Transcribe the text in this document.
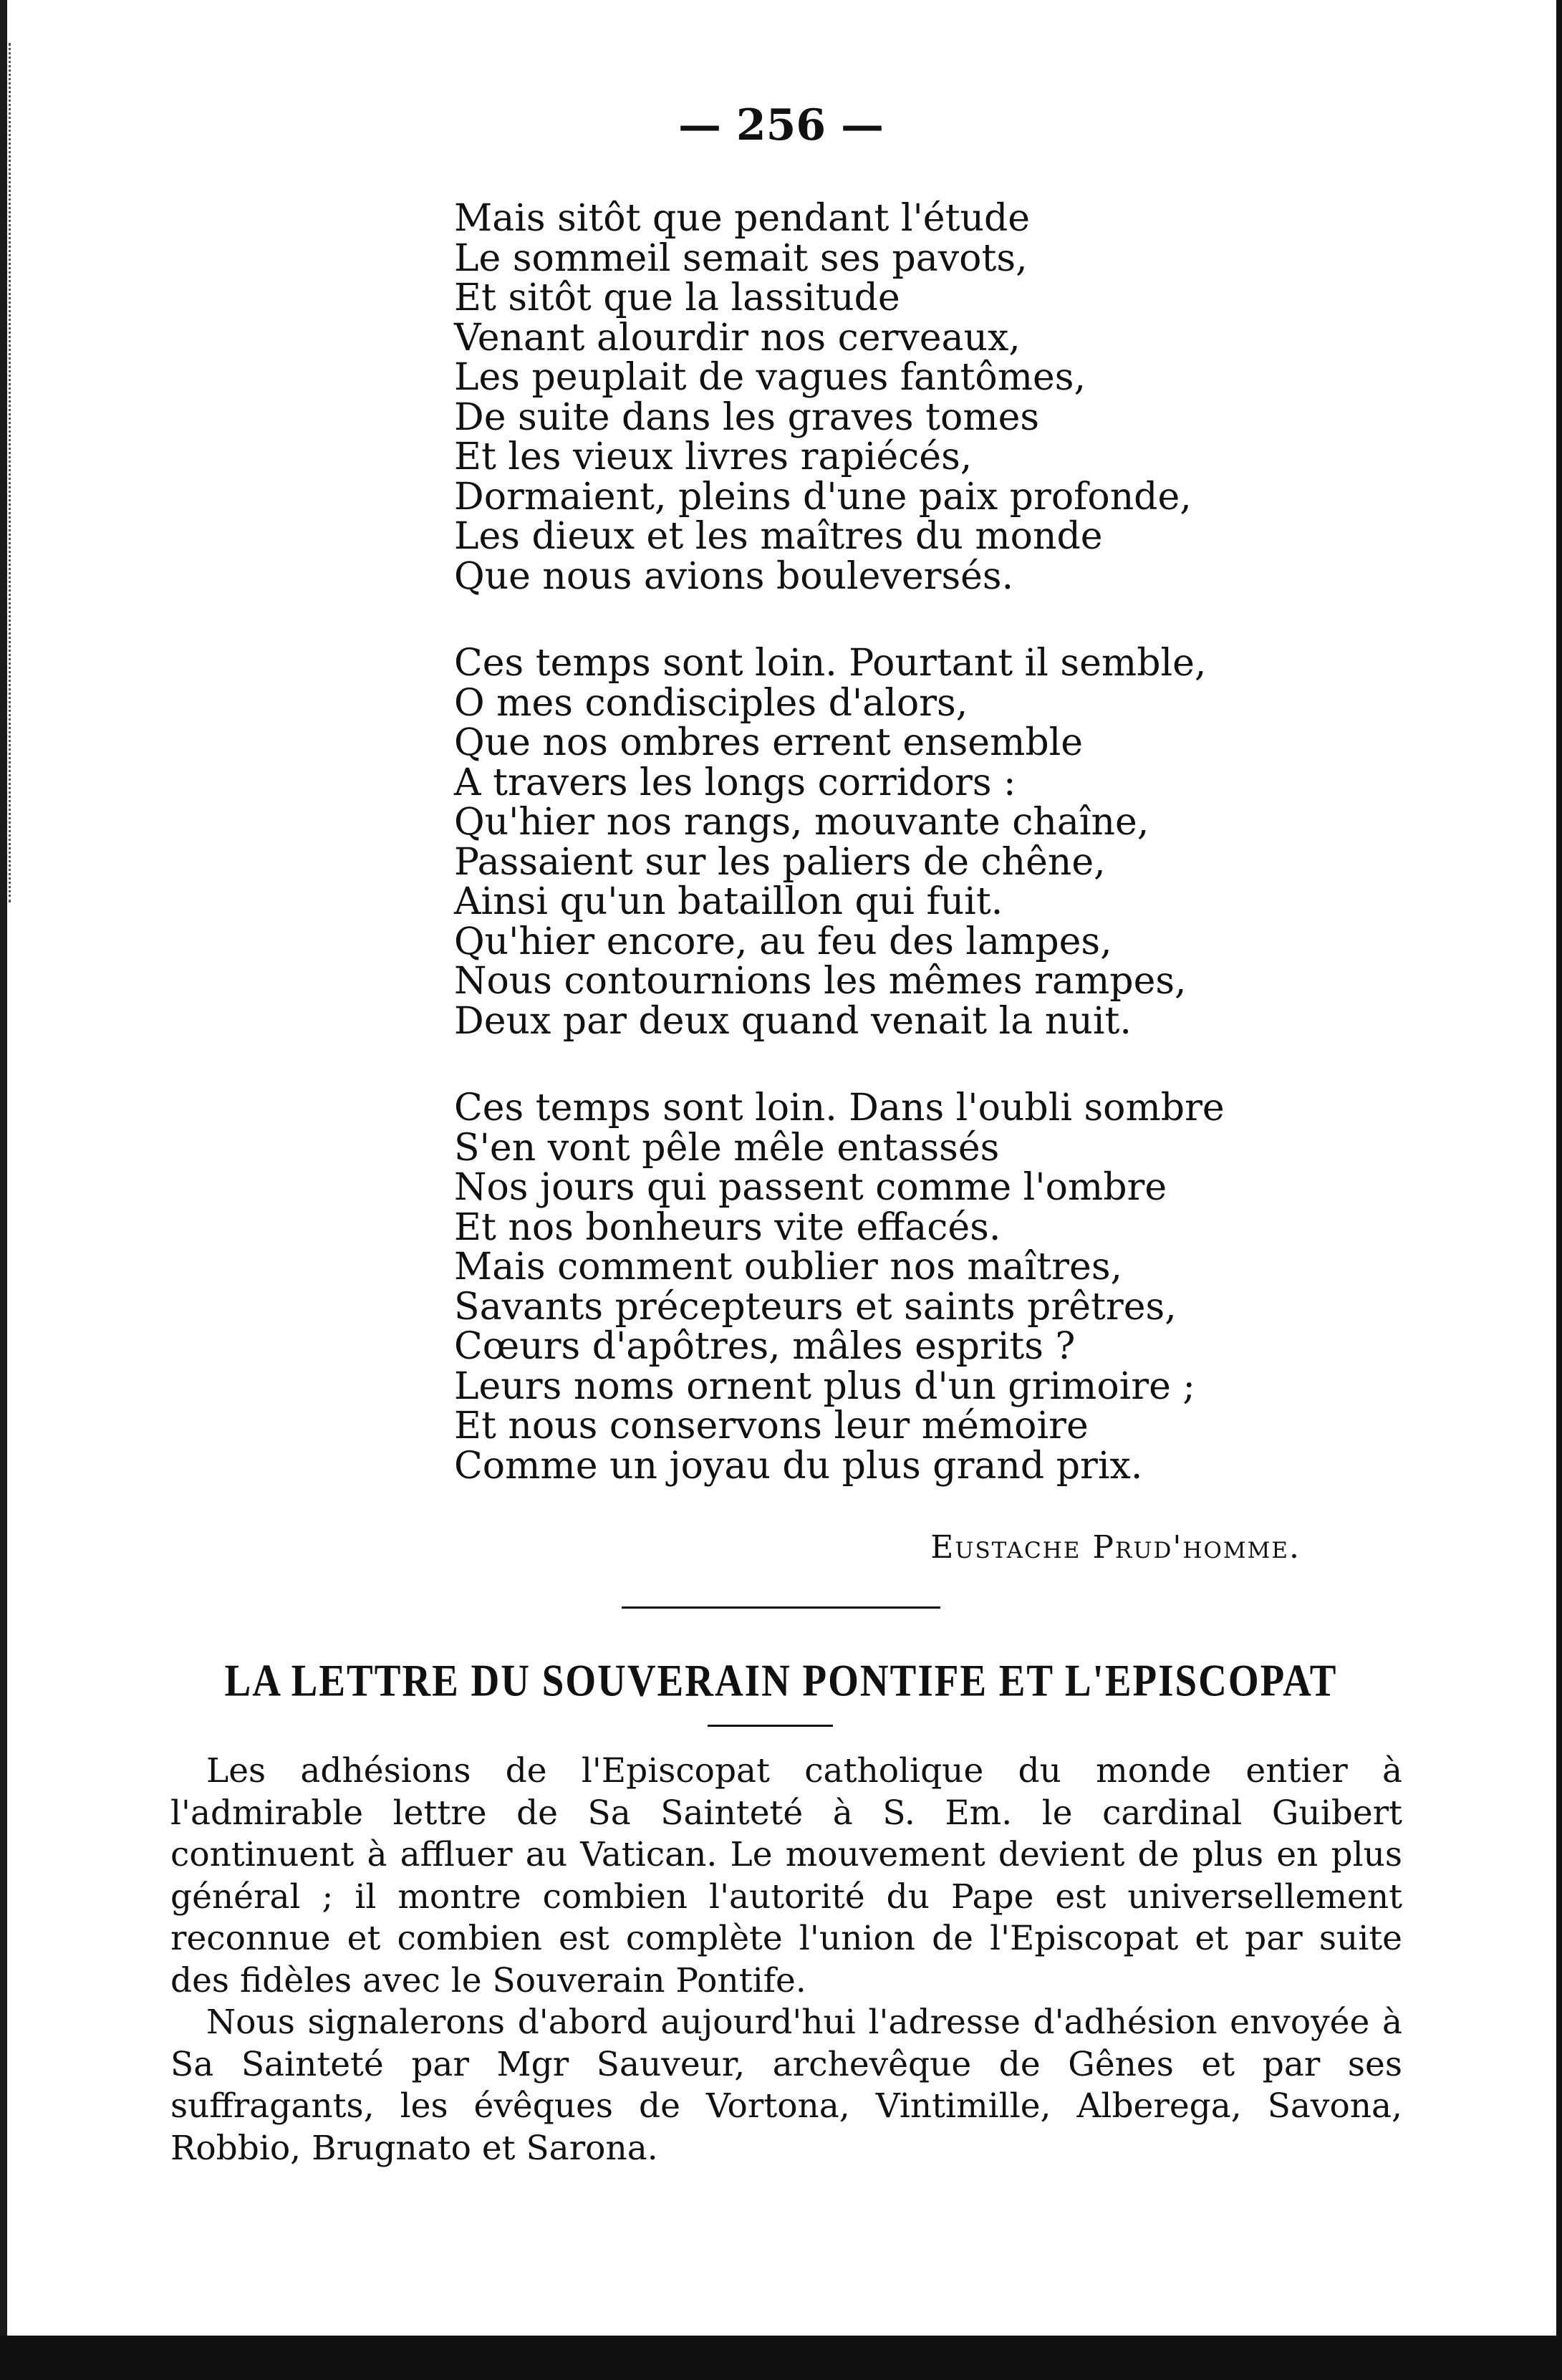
— 256 —
Mais sitôt que pendant l'étude
Le sommeil semait ses pavots,
Et sitôt que la lassitude
Venant alourdir nos cerveaux,
Les peuplait de vagues fantômes,
De suite dans les graves tomes
Et les vieux livres rapiécés,
Dormaient, pleins d'une paix profonde,
Les dieux et les maîtres du monde
Que nous avions bouleversés.
Ces temps sont loin. Pourtant il semble,
O mes condisciples d'alors,
Que nos ombres errent ensemble
A travers les longs corridors :
Qu'hier nos rangs, mouvante chaîne,
Passaient sur les paliers de chêne,
Ainsi qu'un bataillon qui fuit.
Qu'hier encore, au feu des lampes,
Nous contournions les mêmes rampes,
Deux par deux quand venait la nuit.
Ces temps sont loin. Dans l'oubli sombre
S'en vont pêle mêle entassés
Nos jours qui passent comme l'ombre
Et nos bonheurs vite effacés.
Mais comment oublier nos maîtres,
Savants précepteurs et saints prêtres,
Cœurs d'apôtres, mâles esprits ?
Leurs noms ornent plus d'un grimoire ;
Et nous conservons leur mémoire
Comme un joyau du plus grand prix.
Eustache Prud'homme.
LA LETTRE DU SOUVERAIN PONTIFE ET L'EPISCOPAT

Les adhésions de l'Episcopat catholique du monde entier à l'admirable lettre de Sa Sainteté à S. Em. le cardinal Guibert continuent à affluer au Vatican. Le mouvement devient de plus en plus général ; il montre combien l'autorité du Pape est universellement reconnue et combien est complète l'union de l'Episcopat et par suite des fidèles avec le Souverain Pontife.

Nous signalerons d'abord aujourd'hui l'adresse d'adhésion envoyée à Sa Sainteté par Mgr Sauveur, archevêque de Gênes et par ses suffragants, les évêques de Vortona, Vintimille, Alberega, Savona, Robbio, Brugnato et Sarona.
